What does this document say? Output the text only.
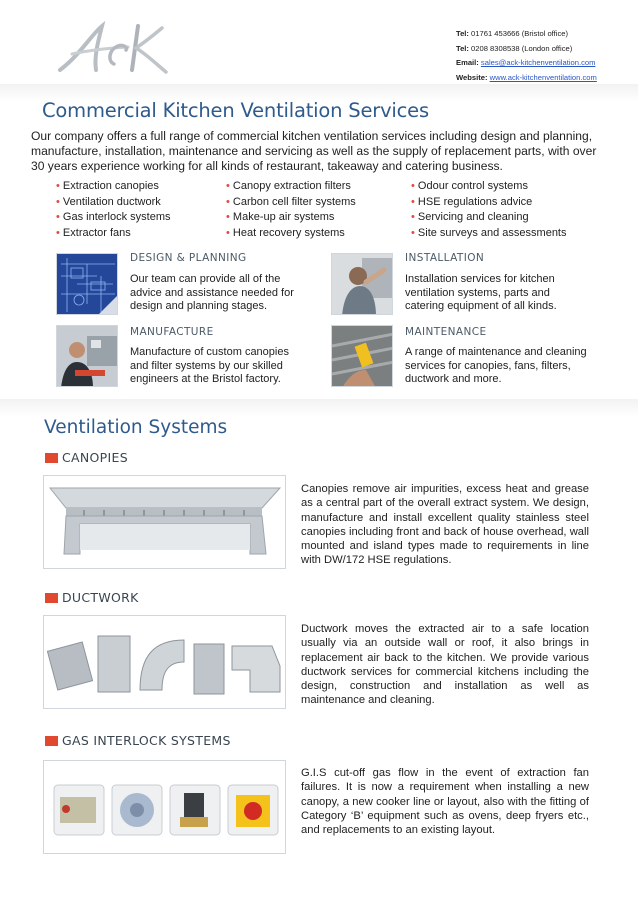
Tel: 01761 453666 (Bristol office)
Tel: 0208 8308538 (London office)
Email: sales@ack-kitchenventilation.com
Website: www.ack-kitchenventilation.com
Commercial Kitchen Ventilation Services
Our company offers a full range of commercial kitchen ventilation services including design and planning, manufacture, installation, maintenance and servicing as well as the supply of replacement parts, with over 30 years experience working for all kinds of restaurant, takeaway and catering business.
• Extraction canopies
• Ventilation ductwork
• Gas interlock systems
• Extractor fans
• Canopy extraction filters
• Carbon cell filter systems
• Make-up air systems
• Heat recovery systems
• Odour control systems
• HSE regulations advice
• Servicing and cleaning
• Site surveys and assessments
DESIGN & PLANNING
Our team can provide all of the advice and assistance needed for design and planning stages.
INSTALLATION
Installation services for kitchen ventilation systems, parts and catering equipment of all kinds.
MANUFACTURE
Manufacture of custom canopies and filter systems by our skilled engineers at the Bristol factory.
MAINTENANCE
A range of maintenance and cleaning services for canopies, fans, filters, ductwork and more.
Ventilation Systems
CANOPIES
Canopies remove air impurities, excess heat and grease as a central part of the overall extract system. We design, manufacture and install excellent quality stainless steel canopies including front and back of house overhead, wall mounted and island types made to requirements in line with DW/172 HSE regulations.
DUCTWORK
Ductwork moves the extracted air to a safe location usually via an outside wall or roof, it also brings in replacement air back to the kitchen. We provide various ductwork services for commercial kitchens including the design, construction and installation as well as maintenance and cleaning.
GAS INTERLOCK SYSTEMS
G.I.S cut-off gas flow in the event of extraction fan failures. It is now a requirement when installing a new canopy, a new cooker line or layout, also with the fitting of Category ‘B’ equipment such as ovens, deep fryers etc., and replacements to an existing layout.
